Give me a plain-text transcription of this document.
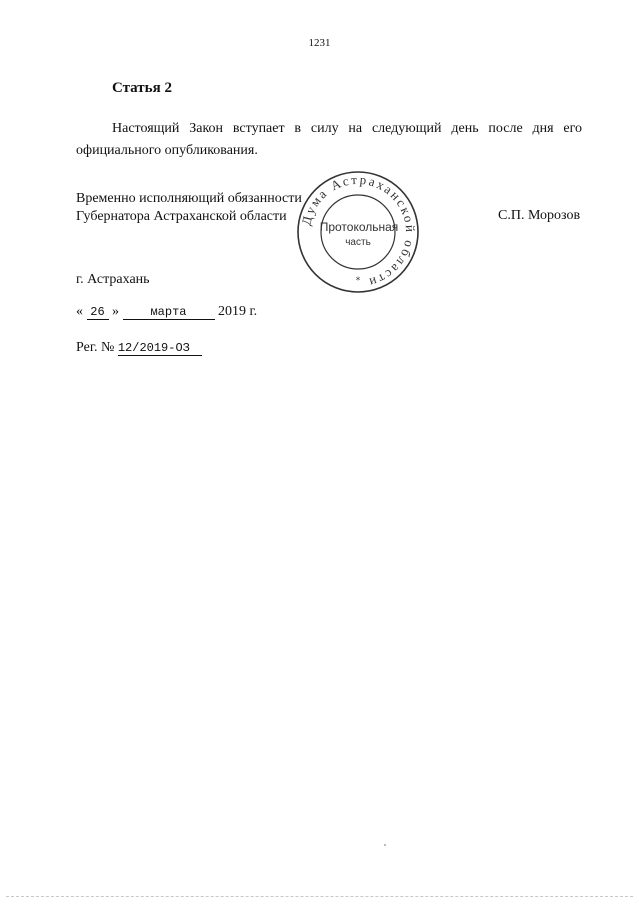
1231
Статья 2
Настоящий Закон вступает в силу на следующий день после дня его официального опубликования.
Временно исполняющий обязанности
Губернатора Астраханской области	С.П. Морозов
Дума Астраханской области
*
Протокольная
часть
г. Астрахань
« 26 »	марта 2019 г.
Рег. № 12/2019-ОЗ
